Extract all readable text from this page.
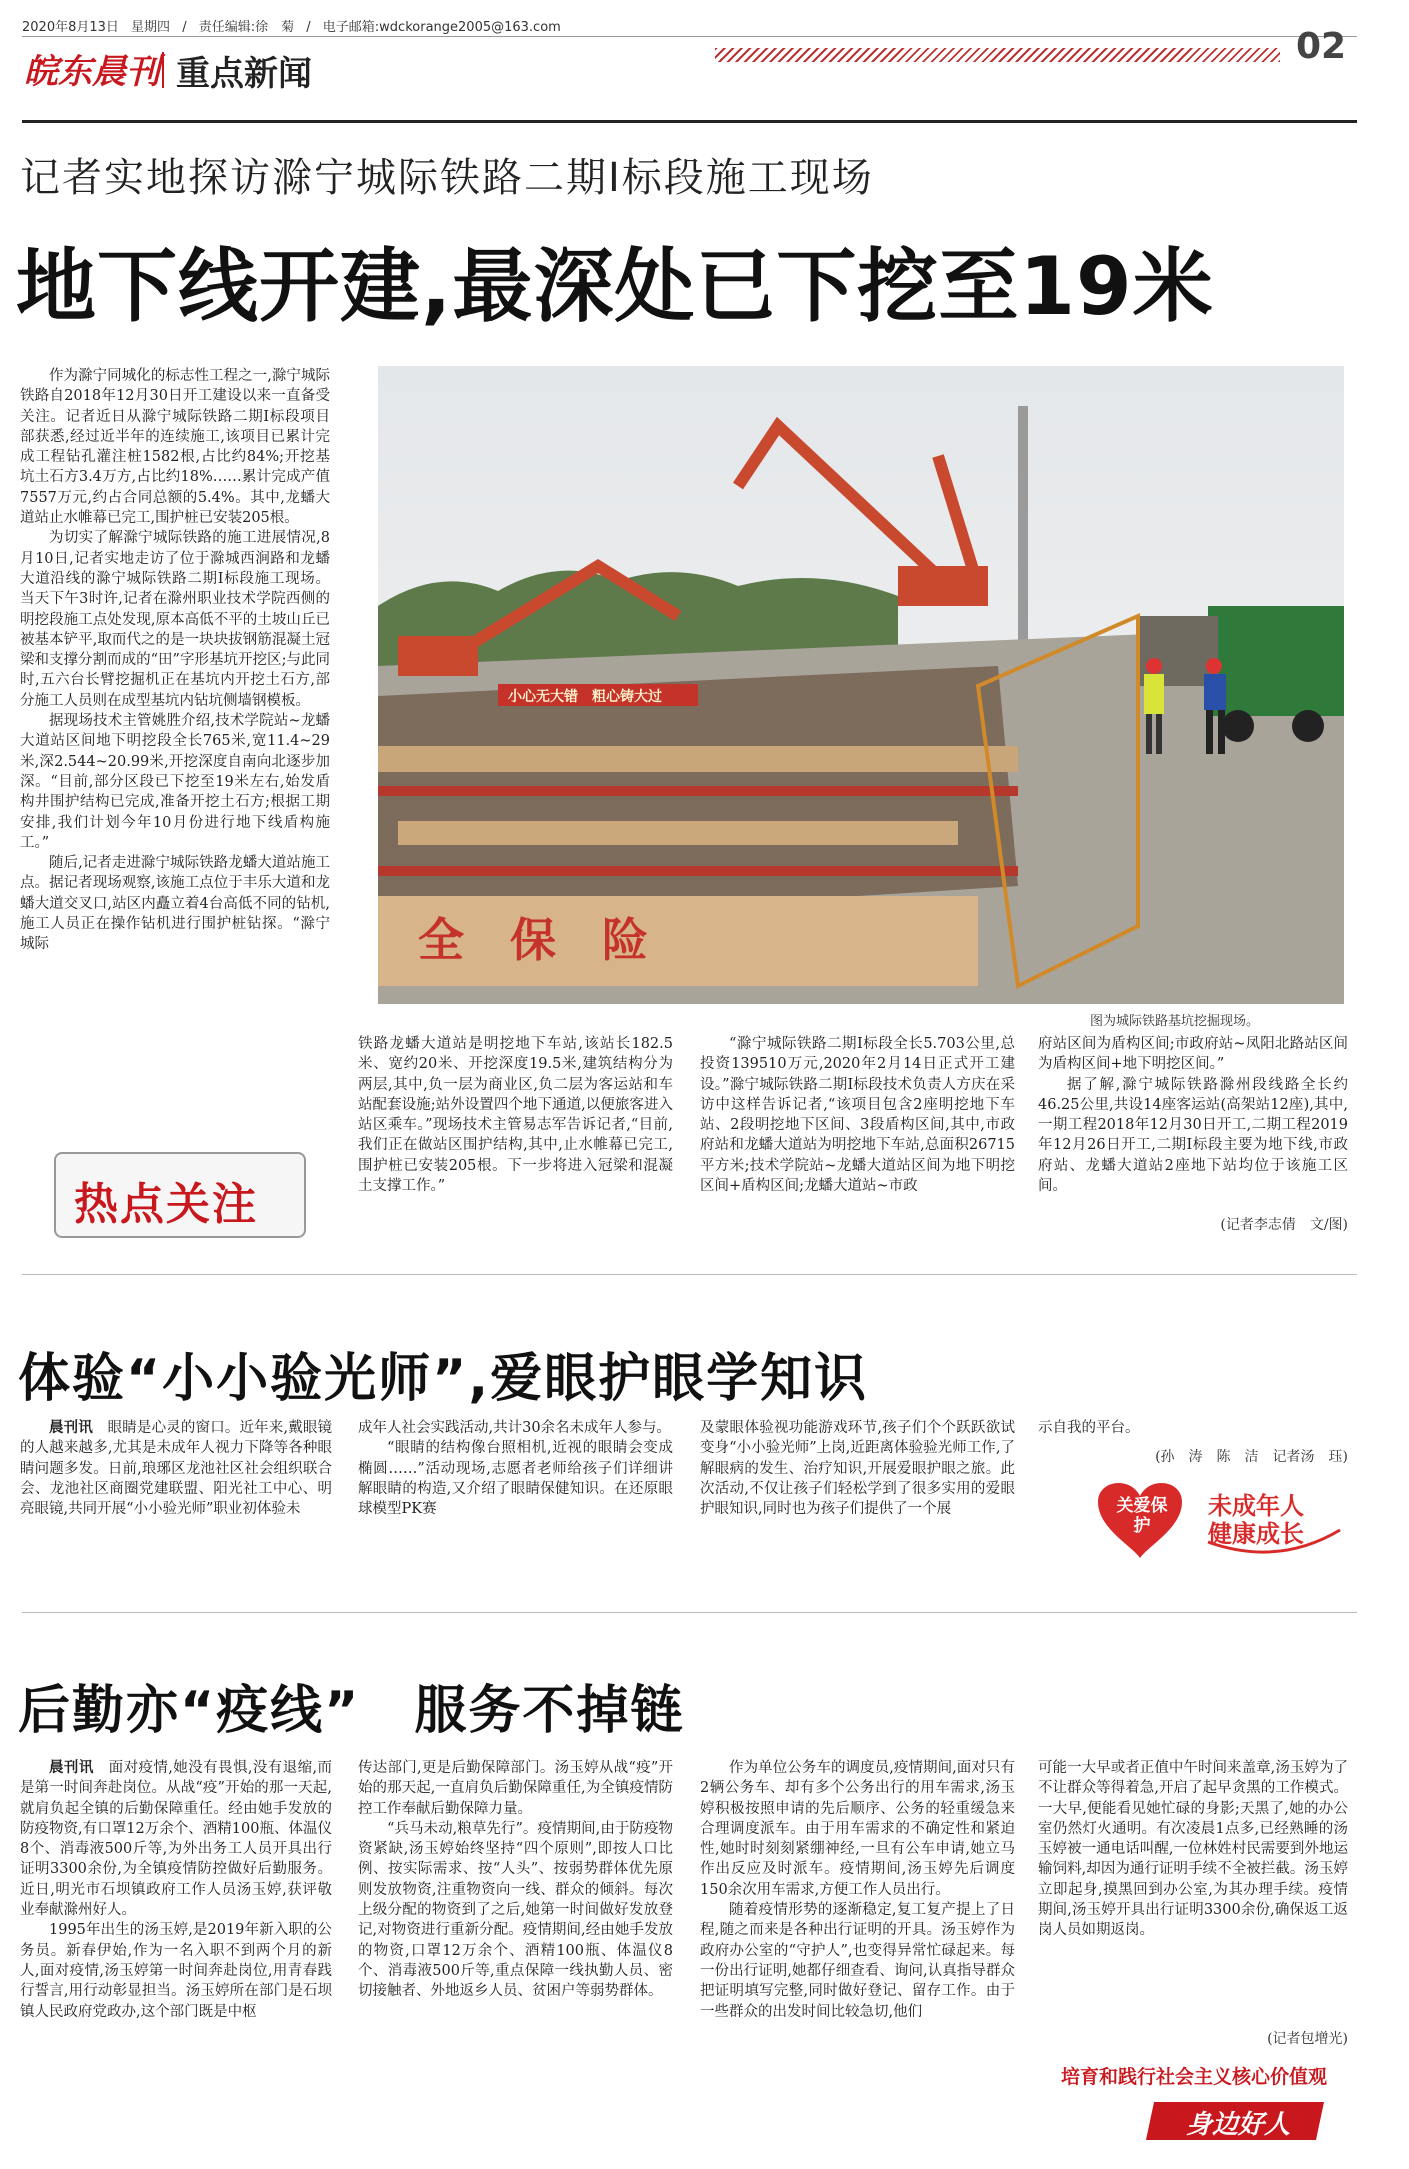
2020年8月13日 星期四 / 责任编辑:徐　菊 / 电子邮箱:wdckorange2005@163.com
皖东晨刊 重点新闻
02
记者实地探访滁宁城际铁路二期Ⅰ标段施工现场
地下线开建,最深处已下挖至19米

作为滁宁同城化的标志性工程之一,滁宁城际铁路自2018年12月30日开工建设以来一直备受关注。记者近日从滁宁城际铁路二期Ⅰ标段项目部获悉,经过近半年的连续施工,该项目已累计完成工程钻孔灌注桩1582根,占比约84%;开挖基坑土石方3.4万方,占比约18%……累计完成产值7557万元,约占合同总额的5.4%。其中,龙蟠大道站止水帷幕已完工,围护桩已安装205根。

为切实了解滁宁城际铁路的施工进展情况,8月10日,记者实地走访了位于滁城西涧路和龙蟠大道沿线的滁宁城际铁路二期Ⅰ标段施工现场。当天下午3时许,记者在滁州职业技术学院西侧的明挖段施工点处发现,原本高低不平的土坡山丘已被基本铲平,取而代之的是一块块拔钢筋混凝土冠梁和支撑分割而成的“田”字形基坑开挖区;与此同时,五六台长臂挖掘机正在基坑内开挖土石方,部分施工人员则在成型基坑内钻坑侧墙钢模板。

据现场技术主管姚胜介绍,技术学院站~龙蟠大道站区间地下明挖段全长765米,宽11.4~29米,深2.544~20.99米,开挖深度自南向北逐步加深。“目前,部分区段已下挖至19米左右,始发盾构井围护结构已完成,准备开挖土石方;根据工期安排,我们计划今年10月份进行地下线盾构施工。”

随后,记者走进滁宁城际铁路龙蟠大道站施工点。据记者现场观察,该施工点位于丰乐大道和龙蟠大道交叉口,站区内矗立着4台高低不同的钻机,施工人员正在操作钻机进行围护桩钻探。“滁宁城际	全　保　险
小心无大错　粗心铸大过
图为城际铁路基坑挖掘现场。

铁路龙蟠大道站是明挖地下车站,该站长182.5米、宽约20米、开挖深度19.5米,建筑结构分为两层,其中,负一层为商业区,负二层为客运站和车站配套设施;站外设置四个地下通道,以便旅客进入站区乘车。”现场技术主管易志军告诉记者,“目前,我们正在做站区围护结构,其中,止水帷幕已完工,围护桩已安装205根。下一步将进入冠梁和混凝土支撑工作。”

“滁宁城际铁路二期Ⅰ标段全长5.703公里,总投资139510万元,2020年2月14日正式开工建设。”滁宁城际铁路二期Ⅰ标段技术负责人方庆在采访中这样告诉记者,“该项目包含2座明挖地下车站、2段明挖地下区间、3段盾构区间,其中,市政府站和龙蟠大道站为明挖地下车站,总面积26715平方米;技术学院站~龙蟠大道站区间为地下明挖区间+盾构区间;龙蟠大道站~市政

府站区间为盾构区间;市政府站~凤阳北路站区间为盾构区间+地下明挖区间。”

据了解,滁宁城际铁路滁州段线路全长约46.25公里,共设14座客运站(高架站12座),其中,一期工程2018年12月30日开工,二期工程2019年12月26日开工,二期Ⅰ标段主要为地下线,市政府站、龙蟠大道站2座地下站均位于该施工区间。

(记者李志倩　文/图)
热点关注
体验“小小验光师”,爱眼护眼学知识

晨刊讯　 眼睛是心灵的窗口。近年来,戴眼镜的人越来越多,尤其是未成年人视力下降等各种眼睛问题多发。日前,琅琊区龙池社区社会组织联合会、龙池社区商圈党建联盟、阳光社工中心、明亮眼镜,共同开展“小小验光师”职业初体验未

成年人社会实践活动,共计30余名未成年人参与。

“眼睛的结构像台照相机,近视的眼睛会变成椭圆……”活动现场,志愿者老师给孩子们详细讲解眼睛的构造,又介绍了眼睛保健知识。在还原眼球模型PK赛

及蒙眼体验视功能游戏环节,孩子们个个跃跃欲试变身“小小验光师”上岗,近距离体验验光师工作,了解眼病的发生、治疗知识,开展爱眼护眼之旅。此次活动,不仅让孩子们轻松学到了很多实用的爱眼护眼知识,同时也为孩子们提供了一个展

示自我的平台。

(孙　涛　陈　洁　记者汤　珏)
关爱保护
未成年人
健康成长
后勤亦“疫线”　服务不掉链

晨刊讯　 面对疫情,她没有畏惧,没有退缩,而是第一时间奔赴岗位。从战“疫”开始的那一天起,就肩负起全镇的后勤保障重任。经由她手发放的防疫物资,有口罩12万余个、酒精100瓶、体温仪8个、消毒液500斤等,为外出务工人员开具出行证明3300余份,为全镇疫情防控做好后勤服务。近日,明光市石坝镇政府工作人员汤玉婷,获评敬业奉献滁州好人。

1995年出生的汤玉婷,是2019年新入职的公务员。新春伊始,作为一名入职不到两个月的新人,面对疫情,汤玉婷第一时间奔赴岗位,用青春践行誓言,用行动彰显担当。汤玉婷所在部门是石坝镇人民政府党政办,这个部门既是中枢

传达部门,更是后勤保障部门。汤玉婷从战“疫”开始的那天起,一直肩负后勤保障重任,为全镇疫情防控工作奉献后勤保障力量。

“兵马未动,粮草先行”。疫情期间,由于防疫物资紧缺,汤玉婷始终坚持“四个原则”,即按人口比例、按实际需求、按“人头”、按弱势群体优先原则发放物资,注重物资向一线、群众的倾斜。每次上级分配的物资到了之后,她第一时间做好发放登记,对物资进行重新分配。疫情期间,经由她手发放的物资,口罩12万余个、酒精100瓶、体温仪8个、消毒液500斤等,重点保障一线执勤人员、密切接触者、外地返乡人员、贫困户等弱势群体。

作为单位公务车的调度员,疫情期间,面对只有2辆公务车、却有多个公务出行的用车需求,汤玉婷积极按照申请的先后顺序、公务的轻重缓急来合理调度派车。由于用车需求的不确定性和紧迫性,她时时刻刻紧绷神经,一旦有公车申请,她立马作出反应及时派车。疫情期间,汤玉婷先后调度150余次用车需求,方便工作人员出行。

随着疫情形势的逐渐稳定,复工复产提上了日程,随之而来是各种出行证明的开具。汤玉婷作为政府办公室的“守护人”,也变得异常忙碌起来。每一份出行证明,她都仔细查看、询问,认真指导群众把证明填写完整,同时做好登记、留存工作。由于一些群众的出发时间比较急切,他们

可能一大早或者正值中午时间来盖章,汤玉婷为了不让群众等得着急,开启了起早贪黑的工作模式。一大早,便能看见她忙碌的身影;天黑了,她的办公室仍然灯火通明。有次凌晨1点多,已经熟睡的汤玉婷被一通电话叫醒,一位林姓村民需要到外地运输饲料,却因为通行证明手续不全被拦截。汤玉婷立即起身,摸黑回到办公室,为其办理手续。疫情期间,汤玉婷开具出行证明3300余份,确保返工返岗人员如期返岗。

(记者包增光)
培育和践行社会主义核心价值观
身边好人
